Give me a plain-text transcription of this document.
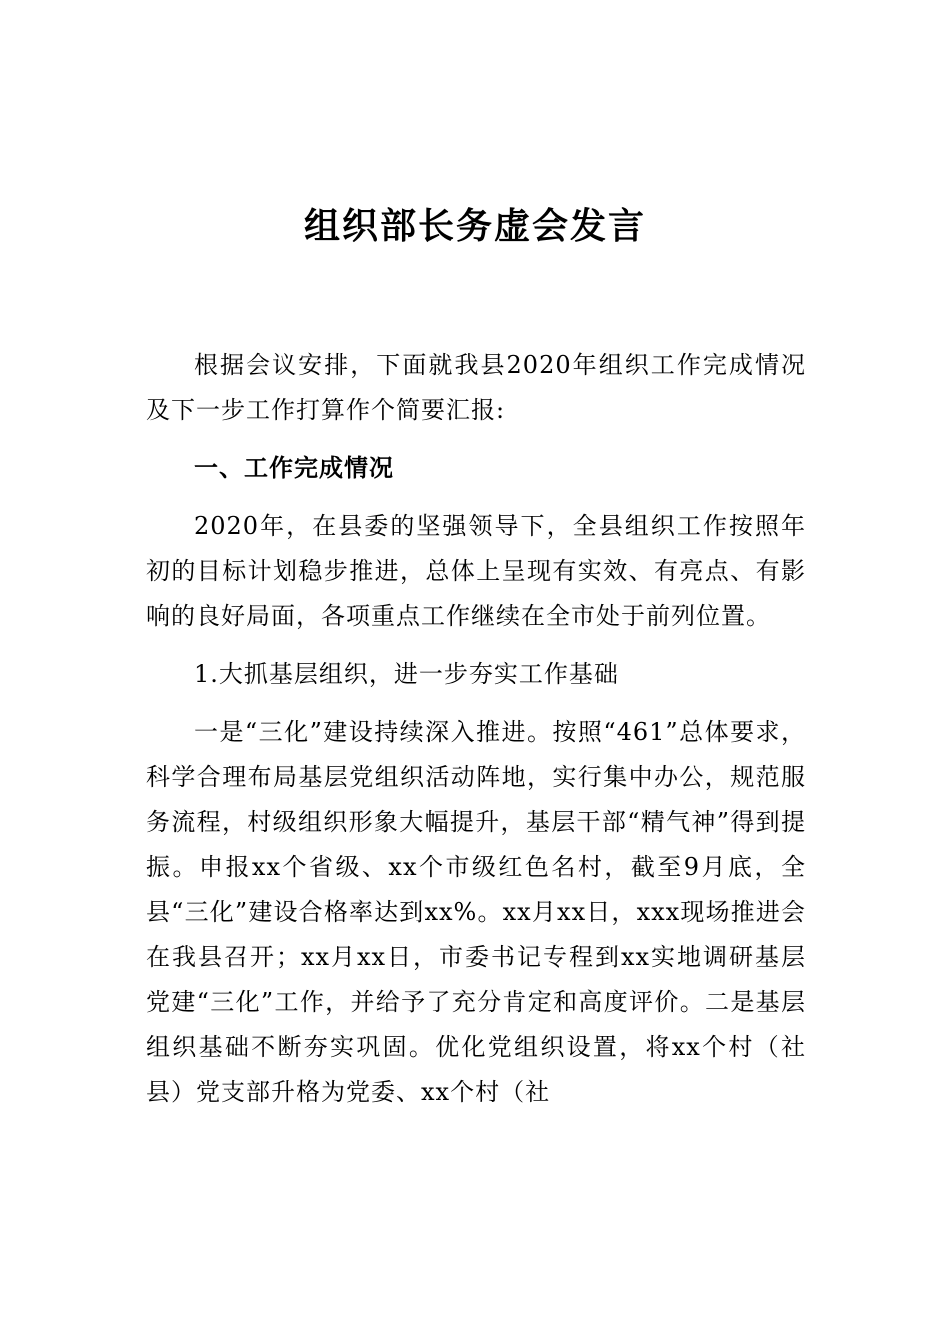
组织部长务虚会发言

根据会议安排，下面就我县2020年组织工作完成情况及下一步工作打算作个简要汇报:

一、工作完成情况

2020年，在县委的坚强领导下，全县组织工作按照年初的目标计划稳步推进，总体上呈现有实效、有亮点、有影响的良好局面，各项重点工作继续在全市处于前列位置。

1.大抓基层组织，进一步夯实工作基础

一是“三化”建设持续深入推进。按照“461”总体要求，科学合理布局基层党组织活动阵地，实行集中办公，规范服务流程，村级组织形象大幅提升，基层干部“精气神”得到提振。申报xx个省级、xx个市级红色名村，截至9月底，全县“三化”建设合格率达到xx%。xx月xx日，xxx现场推进会在我县召开；xx月xx日，市委书记专程到xx实地调研基层党建“三化”工作，并给予了充分肯定和高度评价。二是基层组织基础不断夯实巩固。优化党组织设置，将xx个村（社县）党支部升格为党委、xx个村（社
